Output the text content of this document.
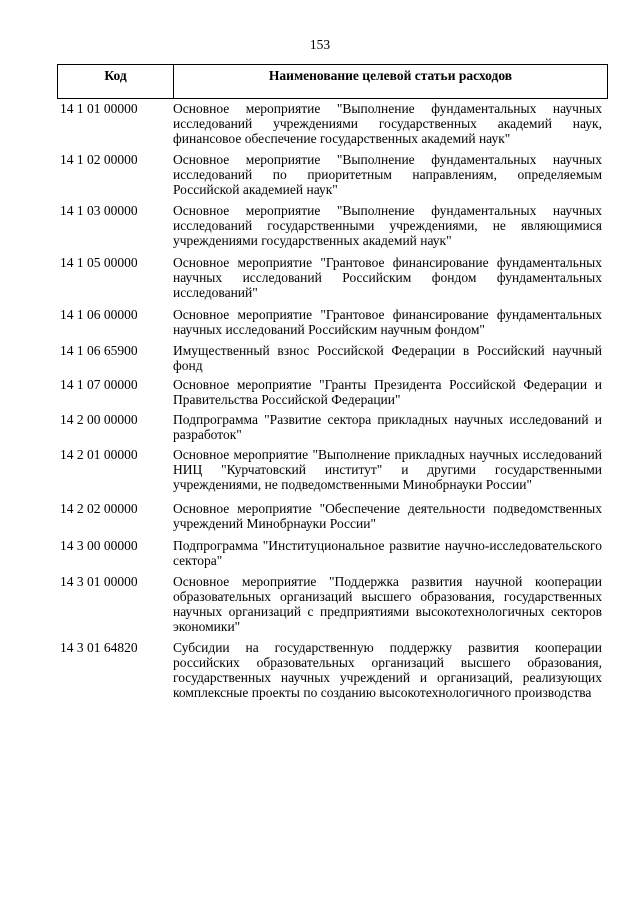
153
Код	Наименование целевой статьи расходов
14 1 01 00000	Основное мероприятие "Выполнение фундаментальных научных исследований учреждениями государственных академий наук, финансовое обеспечение государственных академий наук"
14 1 02 00000	Основное мероприятие "Выполнение фундаментальных научных исследований по приоритетным направлениям, определяемым Российской академией наук"
14 1 03 00000	Основное мероприятие "Выполнение фундаментальных научных исследований государственными учреждениями, не являющимися учреждениями государственных академий наук"
14 1 05 00000	Основное мероприятие "Грантовое финансирование фундаментальных научных исследований Российским фондом фундаментальных исследований"
14 1 06 00000	Основное мероприятие "Грантовое финансирование фундаментальных научных исследований Российским научным фондом"
14 1 06 65900	Имущественный взнос Российской Федерации в Российский научный фонд
14 1 07 00000	Основное мероприятие "Гранты Президента Российской Федерации и Правительства Российской Федерации"
14 2 00 00000	Подпрограмма "Развитие сектора прикладных научных исследований и разработок"
14 2 01 00000	Основное мероприятие "Выполнение прикладных научных исследований НИЦ "Курчатовский институт" и другими государственными учреждениями, не подведомственными Минобрнауки России"
14 2 02 00000	Основное мероприятие "Обеспечение деятельности подведомственных учреждений Минобрнауки России"
14 3 00 00000	Подпрограмма "Институциональное развитие научно-исследовательского сектора"
14 3 01 00000	Основное мероприятие "Поддержка развития научной кооперации образовательных организаций высшего образования, государственных научных организаций с предприятиями высокотехнологичных секторов экономики"
14 3 01 64820	Субсидии на государственную поддержку развития кооперации российских образовательных организаций высшего образования, государственных научных учреждений и организаций, реализующих комплексные проекты по созданию высокотехнологичного производства
